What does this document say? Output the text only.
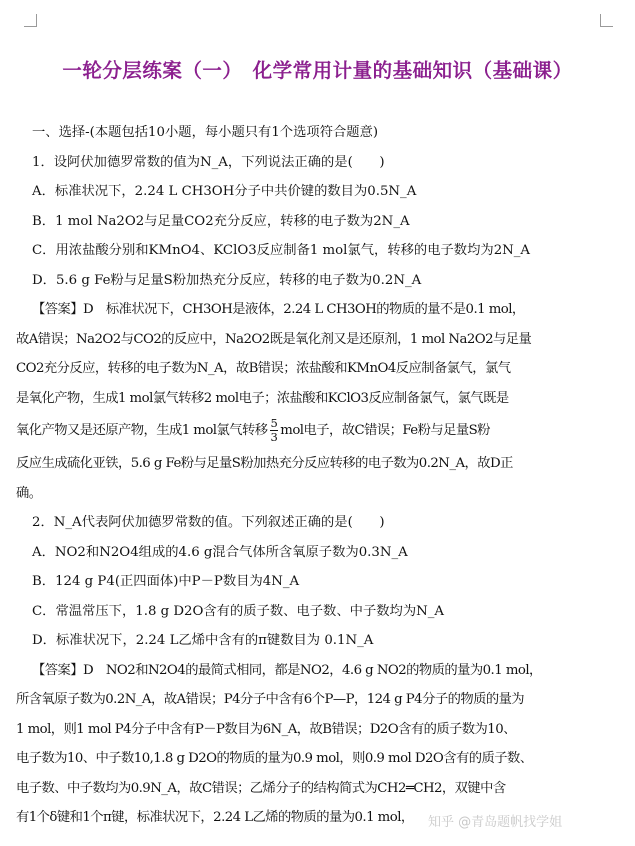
一轮分层练案（一）　化学常用计量的基础知识（基础课）
一、选择-(本题包括10小题，每小题只有1个选项符合题意)
1．设阿伏加德罗常数的值为N_A，下列说法正确的是(　　)
A．标准状况下，2.24 L CH3OH分子中共价键的数目为0.5N_A
B．1 mol Na2O2与足量CO2充分反应，转移的电子数为2N_A
C．用浓盐酸分别和KMnO4、KClO3反应制备1 mol氯气，转移的电子数均为2N_A
D．5.6 g Fe粉与足量S粉加热充分反应，转移的电子数为0.2N_A
【答案】D　标准状况下，CH3OH是液体，2.24 L CH3OH的物质的量不是0.1 mol，
故A错误；Na2O2与CO2的反应中，Na2O2既是氧化剂又是还原剂，1 mol Na2O2与足量
CO2充分反应，转移的电子数为N_A，故B错误；浓盐酸和KMnO4反应制备氯气，氯气
是氧化产物，生成1 mol氯气转移2 mol电子；浓盐酸和KClO3反应制备氯气，氯气既是
氧化产物又是还原产物，生成1 mol氯气转移 $\frac{5}{3}$ mol电子，故C错误；Fe粉与足量S粉
反应生成硫化亚铁，5.6 g Fe粉与足量S粉加热充分反应转移的电子数为0.2N_A，故D正
确。
2．N_A代表阿伏加德罗常数的值。下列叙述正确的是(　　)
A．NO2和N2O4组成的4.6 g混合气体所含氧原子数为0.3N_A
B．124 g P4(正四面体)中P－P数目为4N_A
C．常温常压下，1.8 g D2O含有的质子数、电子数、中子数均为N_A
D．标准状况下，2.24 L乙烯中含有的π键数目为 0.1N_A
【答案】D　NO2和N2O4的最简式相同，都是NO2，4.6 g NO2的物质的量为0.1 mol，
所含氧原子数为0.2N_A，故A错误；P4分子中含有6个P—P，124 g P4分子的物质的量为
1 mol，则1 mol P4分子中含有P－P数目为6N_A，故B错误；D2O含有的质子数为10、
电子数为10、中子数10,1.8 g D2O的物质的量为0.9 mol，则0.9 mol D2O含有的质子数、
电子数、中子数均为0.9N_A，故C错误；乙烯分子的结构简式为CH2═CH2，双键中含
有1个δ键和1个π键，标准状况下，2.24 L乙烯的物质的量为0.1 mol，	知乎 @青岛题帆找学姐
